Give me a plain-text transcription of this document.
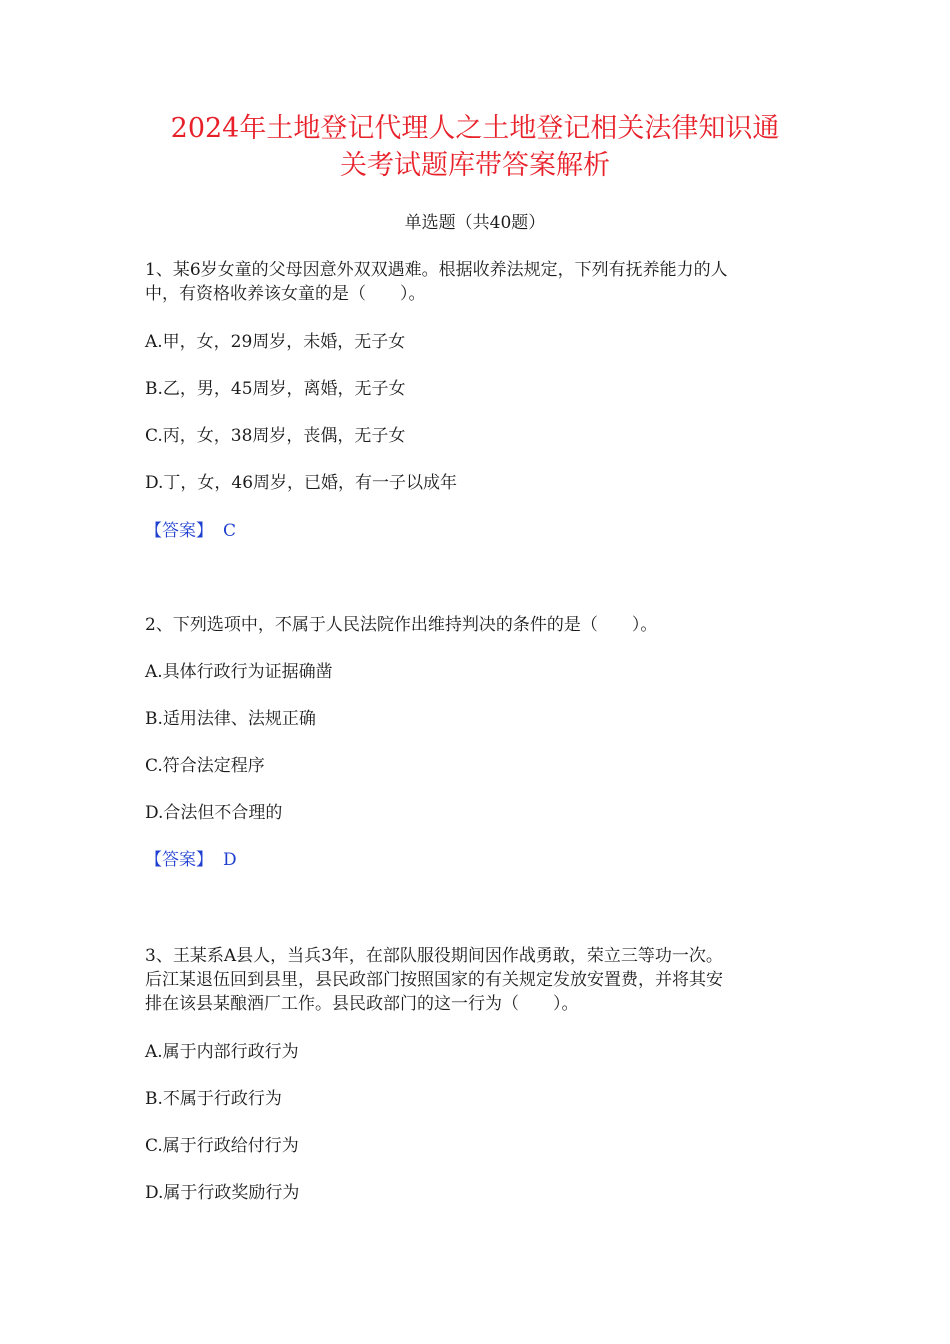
2024年土地登记代理人之土地登记相关法律知识通
关考试题库带答案解析
单选题（共40题）
1、某6岁女童的父母因意外双双遇难。根据收养法规定，下列有抚养能力的人
中，有资格收养该女童的是（　　）。
A.甲，女，29周岁，未婚，无子女
B.乙，男，45周岁，离婚，无子女
C.丙，女，38周岁，丧偶，无子女
D.丁，女，46周岁，已婚，有一子以成年
【答案】 C
2、下列选项中，不属于人民法院作出维持判决的条件的是（　　）。
A.具体行政行为证据确凿
B.适用法律、法规正确
C.符合法定程序
D.合法但不合理的
【答案】 D
3、王某系A县人，当兵3年，在部队服役期间因作战勇敢，荣立三等功一次。
后江某退伍回到县里，县民政部门按照国家的有关规定发放安置费，并将其安
排在该县某酿酒厂工作。县民政部门的这一行为（　　）。
A.属于内部行政行为
B.不属于行政行为
C.属于行政给付行为
D.属于行政奖励行为
